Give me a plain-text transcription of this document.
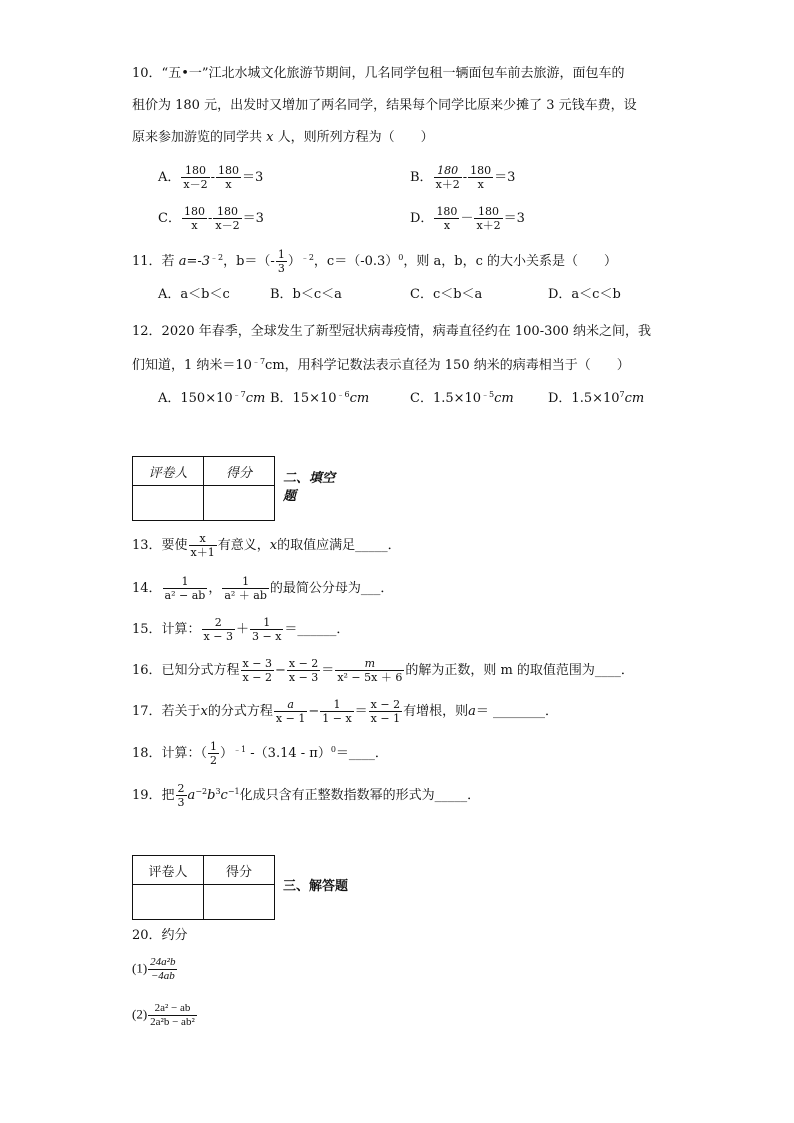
10．“五•一”江北水城文化旅游节期间，几名同学包租一辆面包车前去旅游，面包车的
租价为 180 元，出发时又增加了两名同学，结果每个同学比原来少摊了 3 元钱车费，设
原来参加游览的同学共 x 人，则所列方程为（　　）
A． $\frac{180}{x-2} - \frac{180}{x} =3$	B． $\frac{180}{x+2} - \frac{180}{x} =3$
C． $\frac{180}{x} - \frac{180}{x-2} =3$	D． $\frac{180}{x} - \frac{180}{x+2} =3$
11．若 $a=-3^{﹣2}$，$b=(- \frac{1}{3} )^{﹣2}$，$c=(-0.3)^0$，则 a，b，c 的大小关系是（　　）
A．a＜b＜c	B．b＜c＜a	C．c＜b＜a	D．a＜c＜b
12．2020 年春季，全球发生了新型冠状病毒疫情，病毒直径约在 100-300 纳米之间，我
们知道，1 纳米$=10^{﹣7}cm$，用科学记数法表示直径为 150 纳米的病毒相当于（　　）
A．$150\times 10^{﹣7}cm$ B．$15\times 10^{﹣6}cm$	C．$1.5\times 10^{﹣5}cm$	D．$1.5\times 10^7cm$
评卷人	得分
	二、填空
题
13．要使 $\frac{x}{x+1}$ 有意义，x的取值应满足_____．
14． $\frac{1}{\text{a² − ab}}$ ， $\frac{1}{\text{a² ＋ ab}}$ 的最简公分母为___．
15．计算： $\frac{2}{x - 3} + \frac{1}{3 - x}$ ＝______．
16．已知分式方程 $\frac{x - 3}{x - 2} - \frac{x - 2}{x - 3} = \frac{m}{\text{x² − 5x ＋ 6}}$ 的解为正数，则 m 的取值范围为____．
17．若关于x的分式方程 $\frac{a}{x - 1} - \frac{1}{1 - x} = \frac{x - 2}{x - 1}$ 有增根，则a＝ ________．
18．计算：（ $\frac{1}{2} )^{﹣1}$ -（3.14 - π）$^0$＝____．
19．把 $\frac{2}{3} a^{-2}b^3c^{-1}$化成只含有正整数指数幂的形式为_____．
评卷人	得分

三、解答题
20．约分
$(1) \frac{\text{24a²b}}{-4ab}$
$(2) \frac{\text{2a² − ab}}{\text{2a²b − ab²}}$
